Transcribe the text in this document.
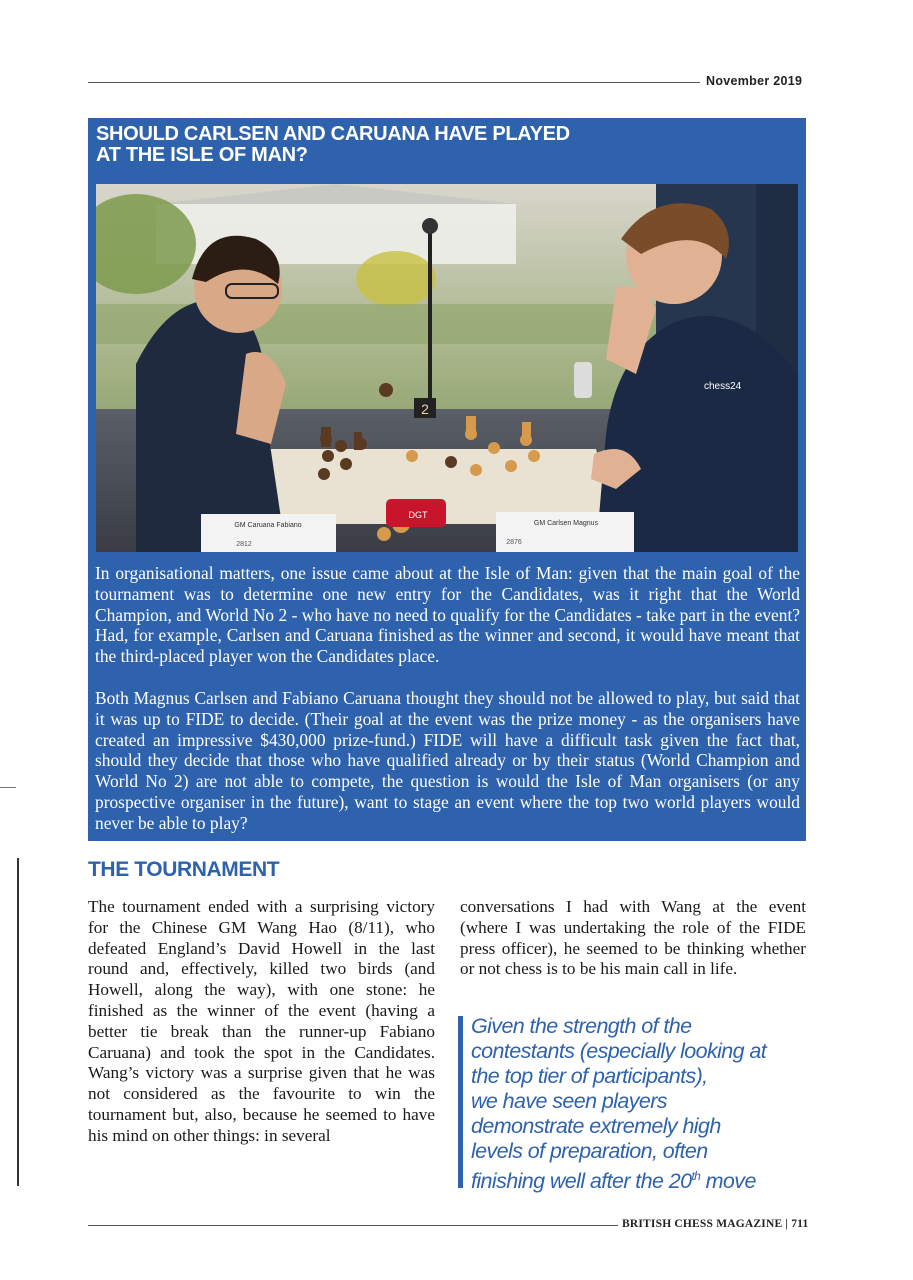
November 2019
SHOULD CARLSEN AND CARUANA HAVE PLAYED
AT THE ISLE OF MAN?
DGT
2
chess24
GM Caruana Fabiano
2812
GM Carlsen Magnus
2876

In organisational matters, one issue came about at the Isle of Man: given that the main goal of the tournament was to determine one new entry for the Candidates, was it right that the World Champion, and World No 2 - who have no need to qualify for the Candidates - take part in the event? Had, for example, Carlsen and Caruana finished as the winner and second, it would have meant that the third-placed player won the Candidates place.

Both Magnus Carlsen and Fabiano Caruana thought they should not be allowed to play, but said that it was up to FIDE to decide. (Their goal at the event was the prize money - as the organisers have created an impressive $430,000 prize-fund.) FIDE will have a difficult task given the fact that, should they decide that those who have qualified already or by their status (World Champion and World No 2) are not able to compete, the question is would the Isle of Man organisers (or any prospective organiser in the future), want to stage an event where the top two world players would never be able to play?

THE TOURNAMENT

The tournament ended with a surprising victory for the Chinese GM Wang Hao (8/11), who defeated England’s David Howell in the last round and, effectively, killed two birds (and Howell, along the way), with one stone: he finished as the winner of the event (having a better tie break than the runner-up Fabiano Caruana) and took the spot in the Candidates. Wang’s victory was a surprise given that he was not considered as the favourite to win the tournament but, also, because he seemed to have his mind on other things: in several

conversations I had with Wang at the event (where I was undertaking the role of the FIDE press officer), he seemed to be thinking whether or not chess is to be his main call in life.

Given the strength of the
contestants (especially looking at
the top tier of participants),
we have seen players
demonstrate extremely high
levels of preparation, often
finishing well after the 20th move

BRITISH CHESS MAGAZINE | 711
